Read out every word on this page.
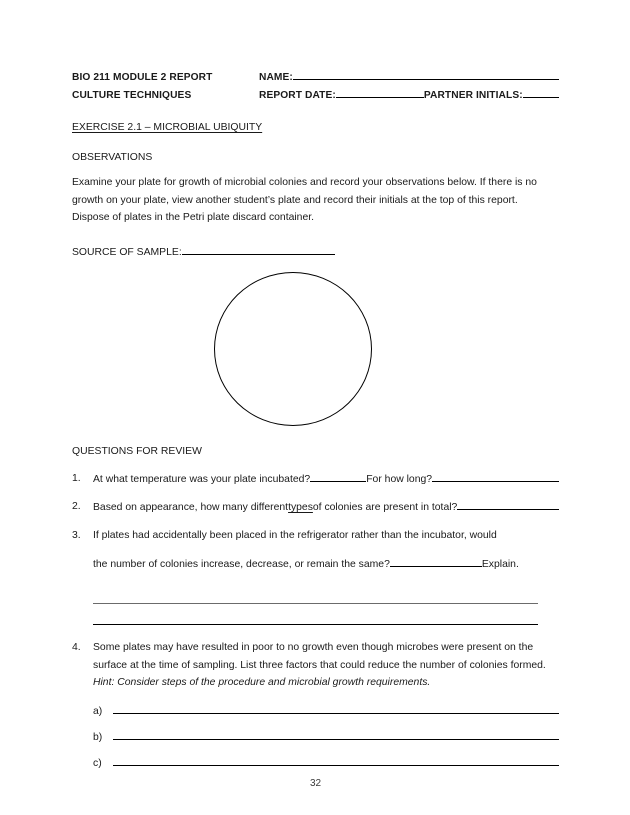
BIO 211 MODULE 2 REPORT	NAME:
CULTURE TECHNIQUES	REPORT DATE:	PARTNER INITIALS:
EXERCISE 2.1 – MICROBIAL UBIQUITY
OBSERVATIONS
Examine your plate for growth of microbial colonies and record your observations below. If there is no growth on your plate, view another student’s plate and record their initials at the top of this report. Dispose of plates in the Petri plate discard container.
SOURCE OF SAMPLE:
QUESTIONS FOR REVIEW
1. At what temperature was your plate incubated?	For how long?
2. Based on appearance, how many different types of colonies are present in total?
3. If plates had accidentally been placed in the refrigerator rather than the incubator, would
the number of colonies increase, decrease, or remain the same?	Explain.
4. Some plates may have resulted in poor to no growth even though microbes were present on the surface at the time of sampling. List three factors that could reduce the number of colonies formed. Hint: Consider steps of the procedure and microbial growth requirements.
a)
b)
c)
32
